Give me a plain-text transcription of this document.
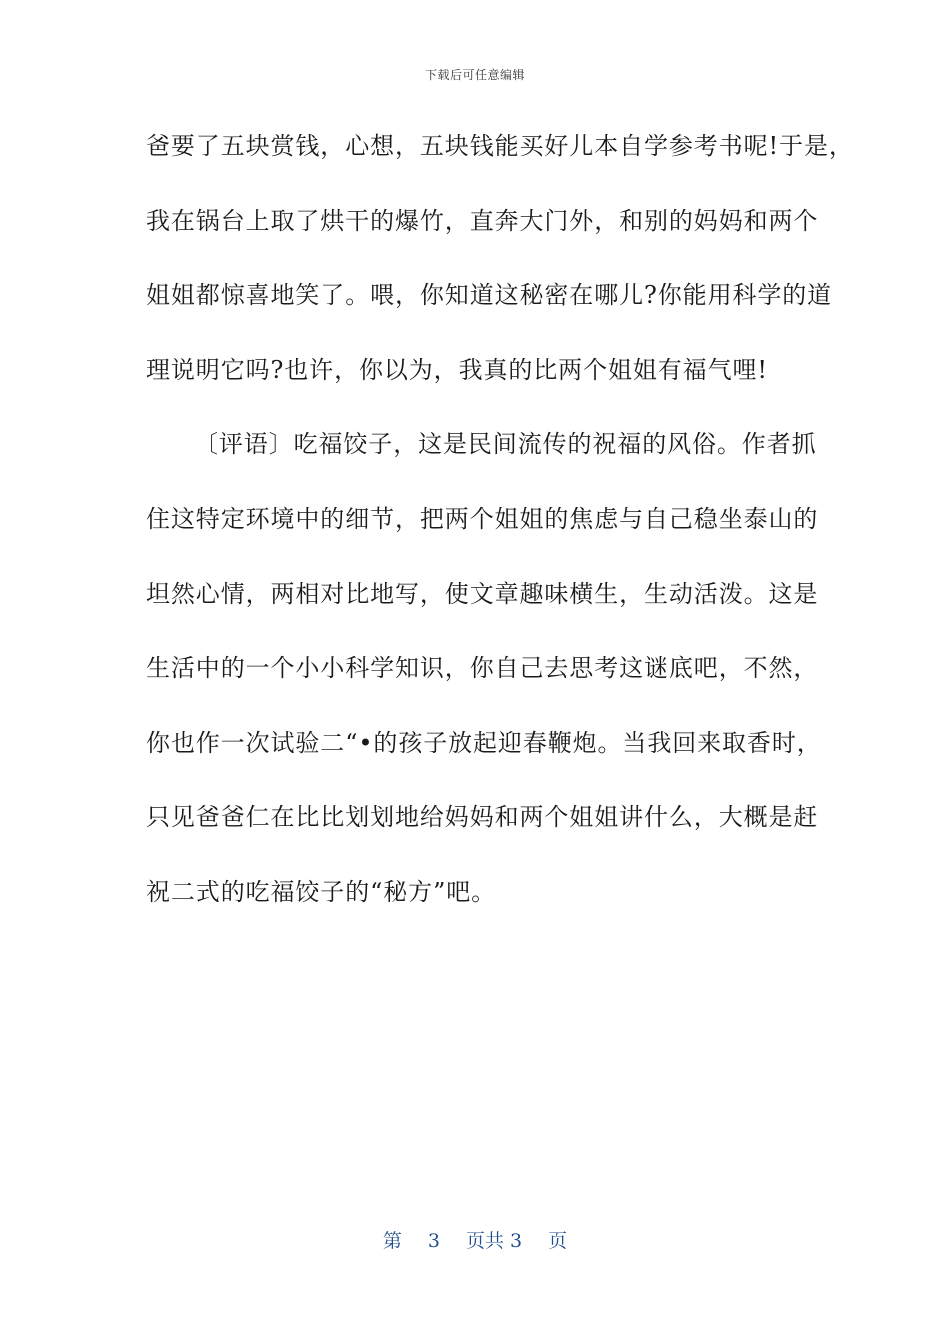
下载后可任意编辑
爸要了五块赏钱，心想，五块钱能买好儿本自学参考书呢!于是，
我在锅台上取了烘干的爆竹，直奔大门外，和别的妈妈和两个
姐姐都惊喜地笑了。喂，你知道这秘密在哪儿?你能用科学的道
理说明它吗?也许，你以为，我真的比两个姐姐有福气哩!
〔评语〕吃福饺子，这是民间流传的祝福的风俗。作者抓
住这特定环境中的细节，把两个姐姐的焦虑与自己稳坐泰山的
坦然心情，两相对比地写，使文章趣味横生，生动活泼。这是
生活中的一个小小科学知识，你自己去思考这谜底吧，不然，
你也作一次试验二“•的孩子放起迎春鞭炮。当我回来取香时，
只见爸爸仁在比比划划地给妈妈和两个姐姐讲什么，大概是赶
祝二式的吃福饺子的“秘方”吧。
第 3 页共 3 页
